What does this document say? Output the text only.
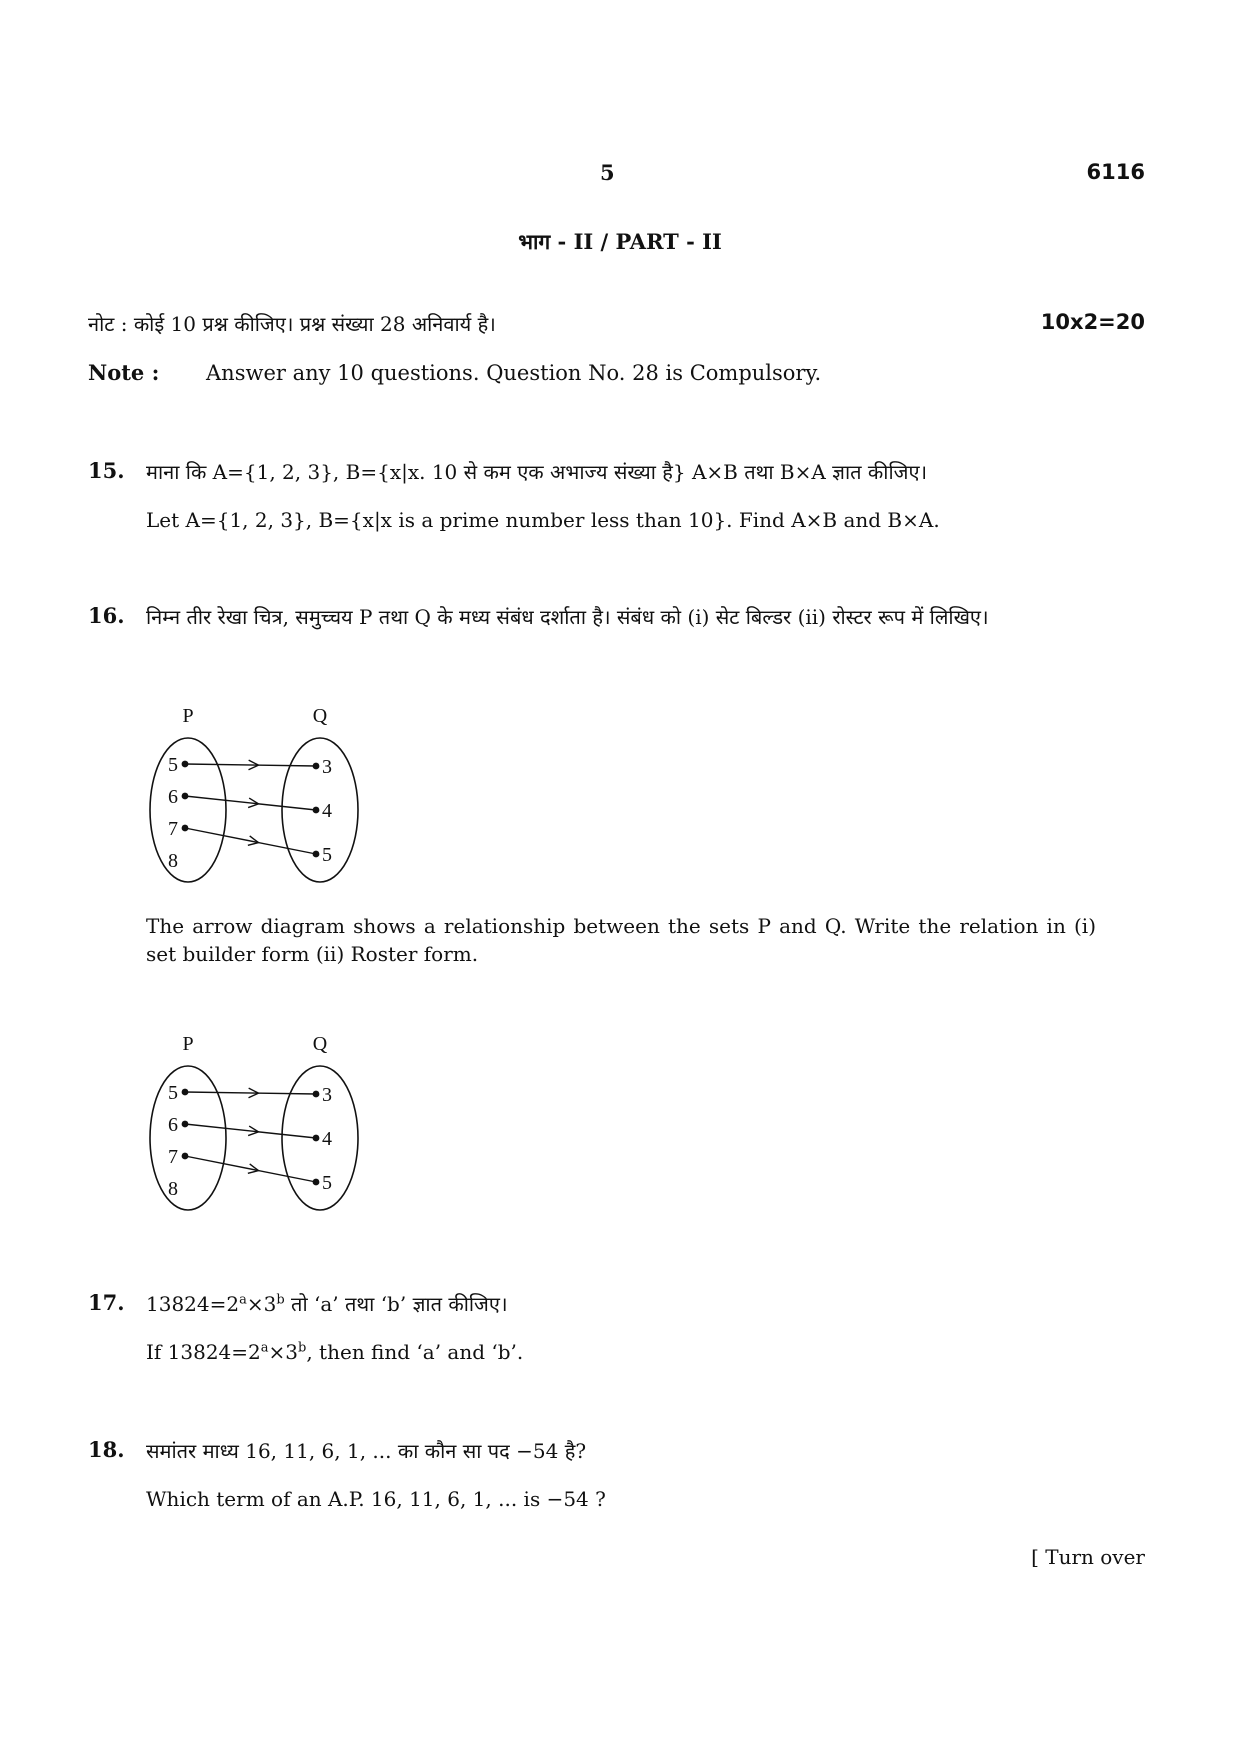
5	6116
भाग - II / PART - II
नोट : कोई 10 प्रश्न कीजिए। प्रश्न संख्या 28 अनिवार्य है।	10x2=20
Note : Answer any 10 questions. Question No. 28 is Compulsory.
15. माना कि A={1, 2, 3}, B={x|x. 10 से कम एक अभाज्य संख्या है} A×B तथा B×A ज्ञात कीजिए।
Let A={1, 2, 3}, B={x|x is a prime number less than 10}. Find A×B and B×A.
16. निम्न तीर रेखा चित्र, समुच्चय P तथा Q के मध्य संबंध दर्शाता है। संबंध को (i) सेट बिल्डर (ii) रोस्टर रूप में लिखिए।
P	Q
5
6
7
8
3
4
5
The arrow diagram shows a relationship between the sets P and Q. Write the relation in (i) set builder form (ii) Roster form.
P	Q
5
6
7
8
3
4
5
17. $13824=2^a\times 3^b$ तो ‘a’ तथा ‘b’ ज्ञात कीजिए।
If $13824=2^a\times 3^b$, then find ‘a’ and ‘b’.
18. समांतर माध्य 16, 11, 6, 1, ... का कौन सा पद −54 है?
Which term of an A.P. 16, 11, 6, 1, ... is −54 ?
[ Turn over
